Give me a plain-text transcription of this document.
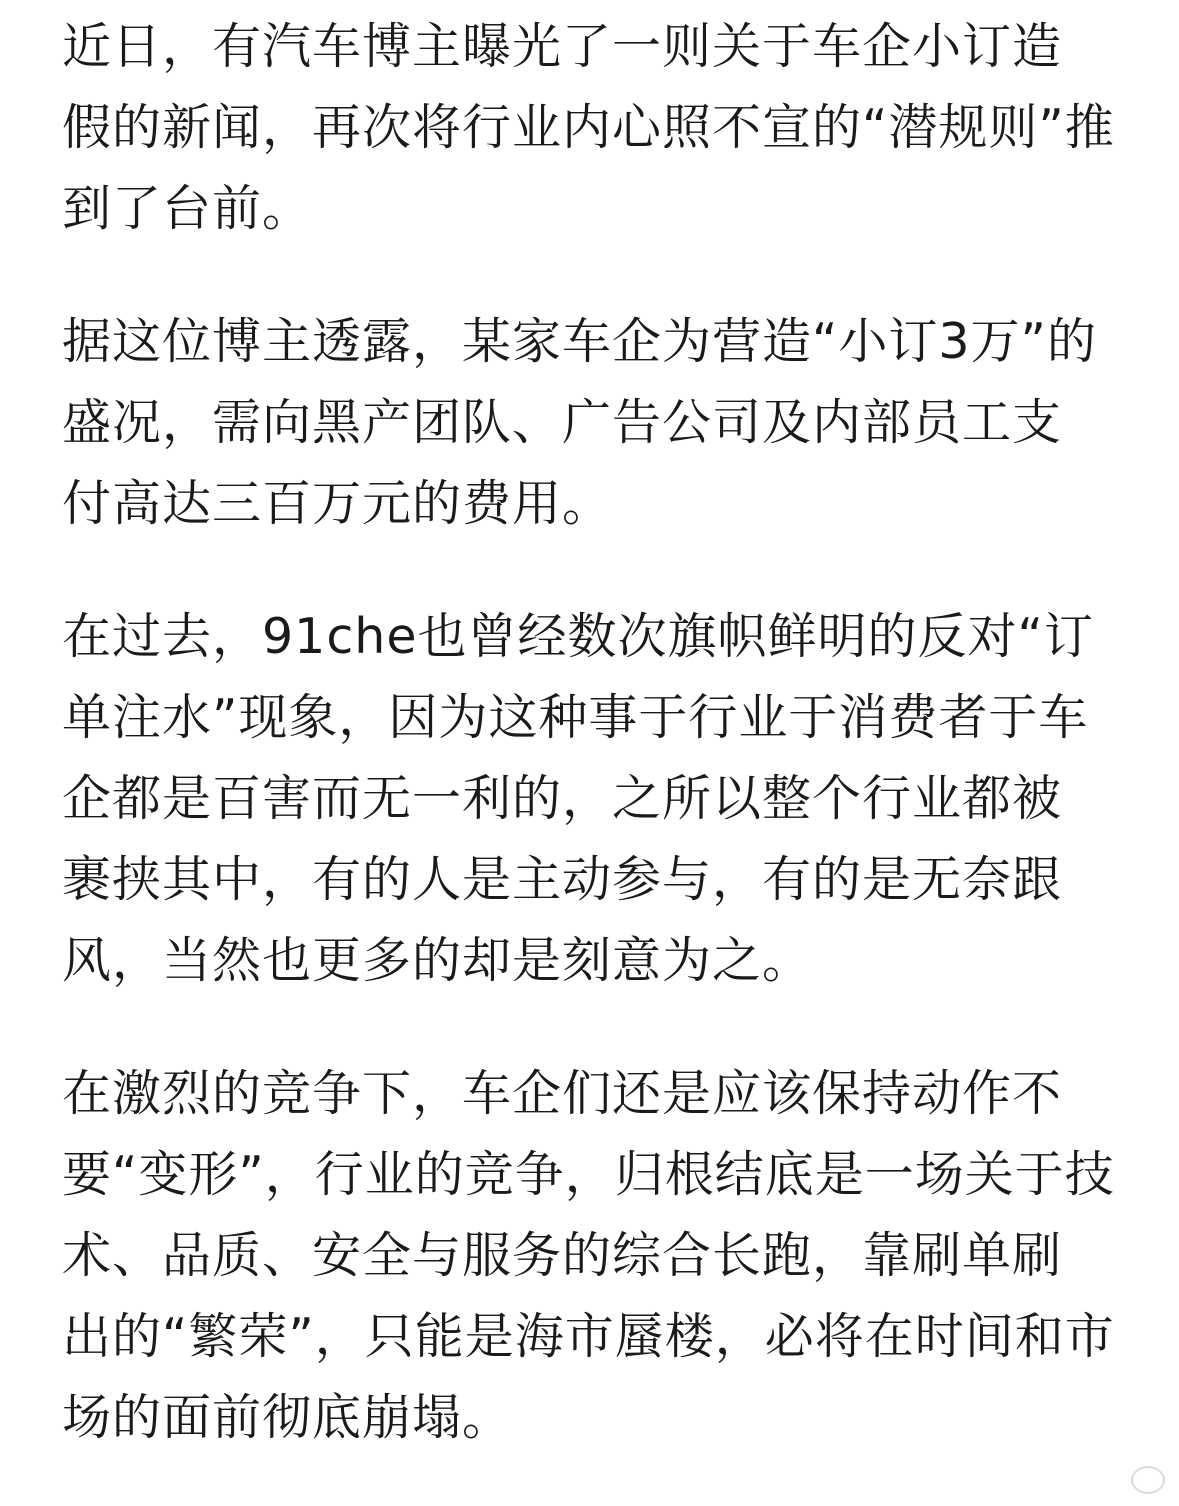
近日，有汽车博主曝光了一则关于车企小订造
假的新闻，再次将行业内心照不宣的“潜规则”推
到了台前。

据这位博主透露，某家车企为营造“小订3万”的
盛况，需向黑产团队、广告公司及内部员工支
付高达三百万元的费用。

在过去，91che也曾经数次旗帜鲜明的反对“订
单注水”现象，因为这种事于行业于消费者于车
企都是百害而无一利的，之所以整个行业都被
裹挟其中，有的人是主动参与，有的是无奈跟
风，当然也更多的却是刻意为之。

在激烈的竞争下，车企们还是应该保持动作不
要“变形”，行业的竞争，归根结底是一场关于技
术、品质、安全与服务的综合长跑，靠刷单刷
出的“繁荣”，只能是海市蜃楼，必将在时间和市
场的面前彻底崩塌。
